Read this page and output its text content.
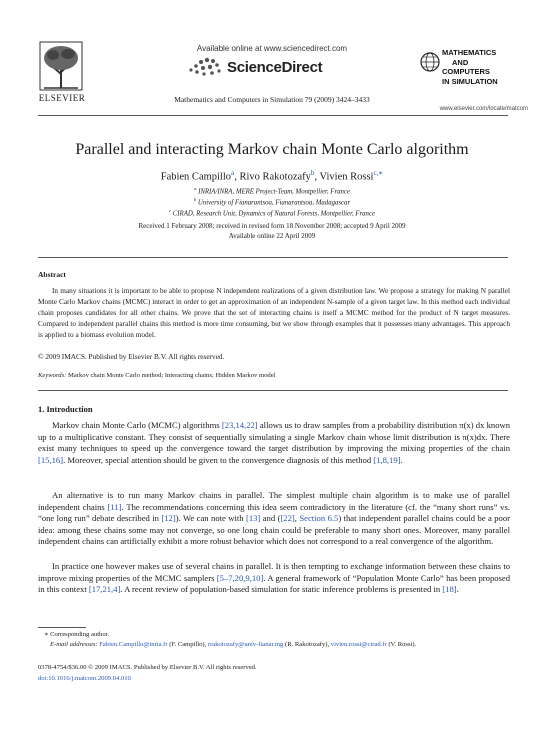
Available online at www.sciencedirect.com
ScienceDirect
ELSEVIER
MATHEMATICS
AND
COMPUTERS
IN SIMULATION
www.elsevier.com/locate/matcom
Mathematics and Computers in Simulation 79 (2009) 3424–3433
Parallel and interacting Markov chain Monte Carlo algorithm
Fabien Campillo$^a$, Rivo Rakotozafy$^b$, Vivien Rossi$^{c,∗}$
$^a$ INRIA/INRA, MERE Project-Team, Montpellier, France
$^b$ University of Fianarantsoa, Fianarantsoa, Madagascar
$^c$ CIRAD, Research Unit, Dynamics of Natural Forests, Montpellier, France
Received 1 February 2008; received in revised form 18 November 2008; accepted 9 April 2009
Available online 22 April 2009
Abstract
In many situations it is important to be able to propose N independent realizations of a given distribution law. We propose a strategy for making N parallel Monte Carlo Markov chains (MCMC) interact in order to get an approximation of an independent N-sample of a given target law. In this method each individual chain proposes candidates for all other chains. We prove that the set of interacting chains is itself a MCMC method for the product of N target measures. Compared to independent parallel chains this method is more time consuming, but we show through examples that it possesses many advantages. This approach is applied to a biomass evolution model.
© 2009 IMACS. Published by Elsevier B.V. All rights reserved.
Keywords: Markov chain Monte Carlo method; Interacting chains; Hidden Markov model
1. Introduction
Markov chain Monte Carlo (MCMC) algorithms [23,14,22] allows us to draw samples from a probability distribution π(x) dx known up to a multiplicative constant. They consist of sequentially simulating a single Markov chain whose limit distribution is π(x)dx. There exist many techniques to speed up the convergence toward the target distribution by improving the mixing properties of the chain [15,16]. Moreover, special attention should be given to the convergence diagnosis of this method [1,8,19].
An alternative is to run many Markov chains in parallel. The simplest multiple chain algorithm is to make use of parallel independent chains [11]. The recommendations concerning this idea seem contradictory in the literature (cf. the “many short runs” vs. “one long run” debate described in [12]). We can note with [13] and ([22], Section 6.5) that independent parallel chains could be a poor idea: among these chains some may not converge, so one long chain could be preferable to many short ones. Moreover, many parallel independent chains can artificially exhibit a more robust behavior which does not correspond to a real convergence of the algorithm.
In practice one however makes use of several chains in parallel. It is then tempting to exchange information between these chains to improve mixing properties of the MCMC samplers [5–7,20,9,10]. A general framework of “Population Monte Carlo” has been proposed in this context [17,21,4]. A recent review of population-based simulation for static inference problems is presented in [18].
∗ Corresponding author.
E-mail addresses: Fabien.Campillo@inria.fr (F. Campillo), rrakotozafy@univ-fianar.mg (R. Rakotozafy), vivien.rossi@cirad.fr (V. Rossi).
0378-4754/$36.00 © 2009 IMACS. Published by Elsevier B.V. All rights reserved.
doi:10.1016/j.matcom.2009.04.010
